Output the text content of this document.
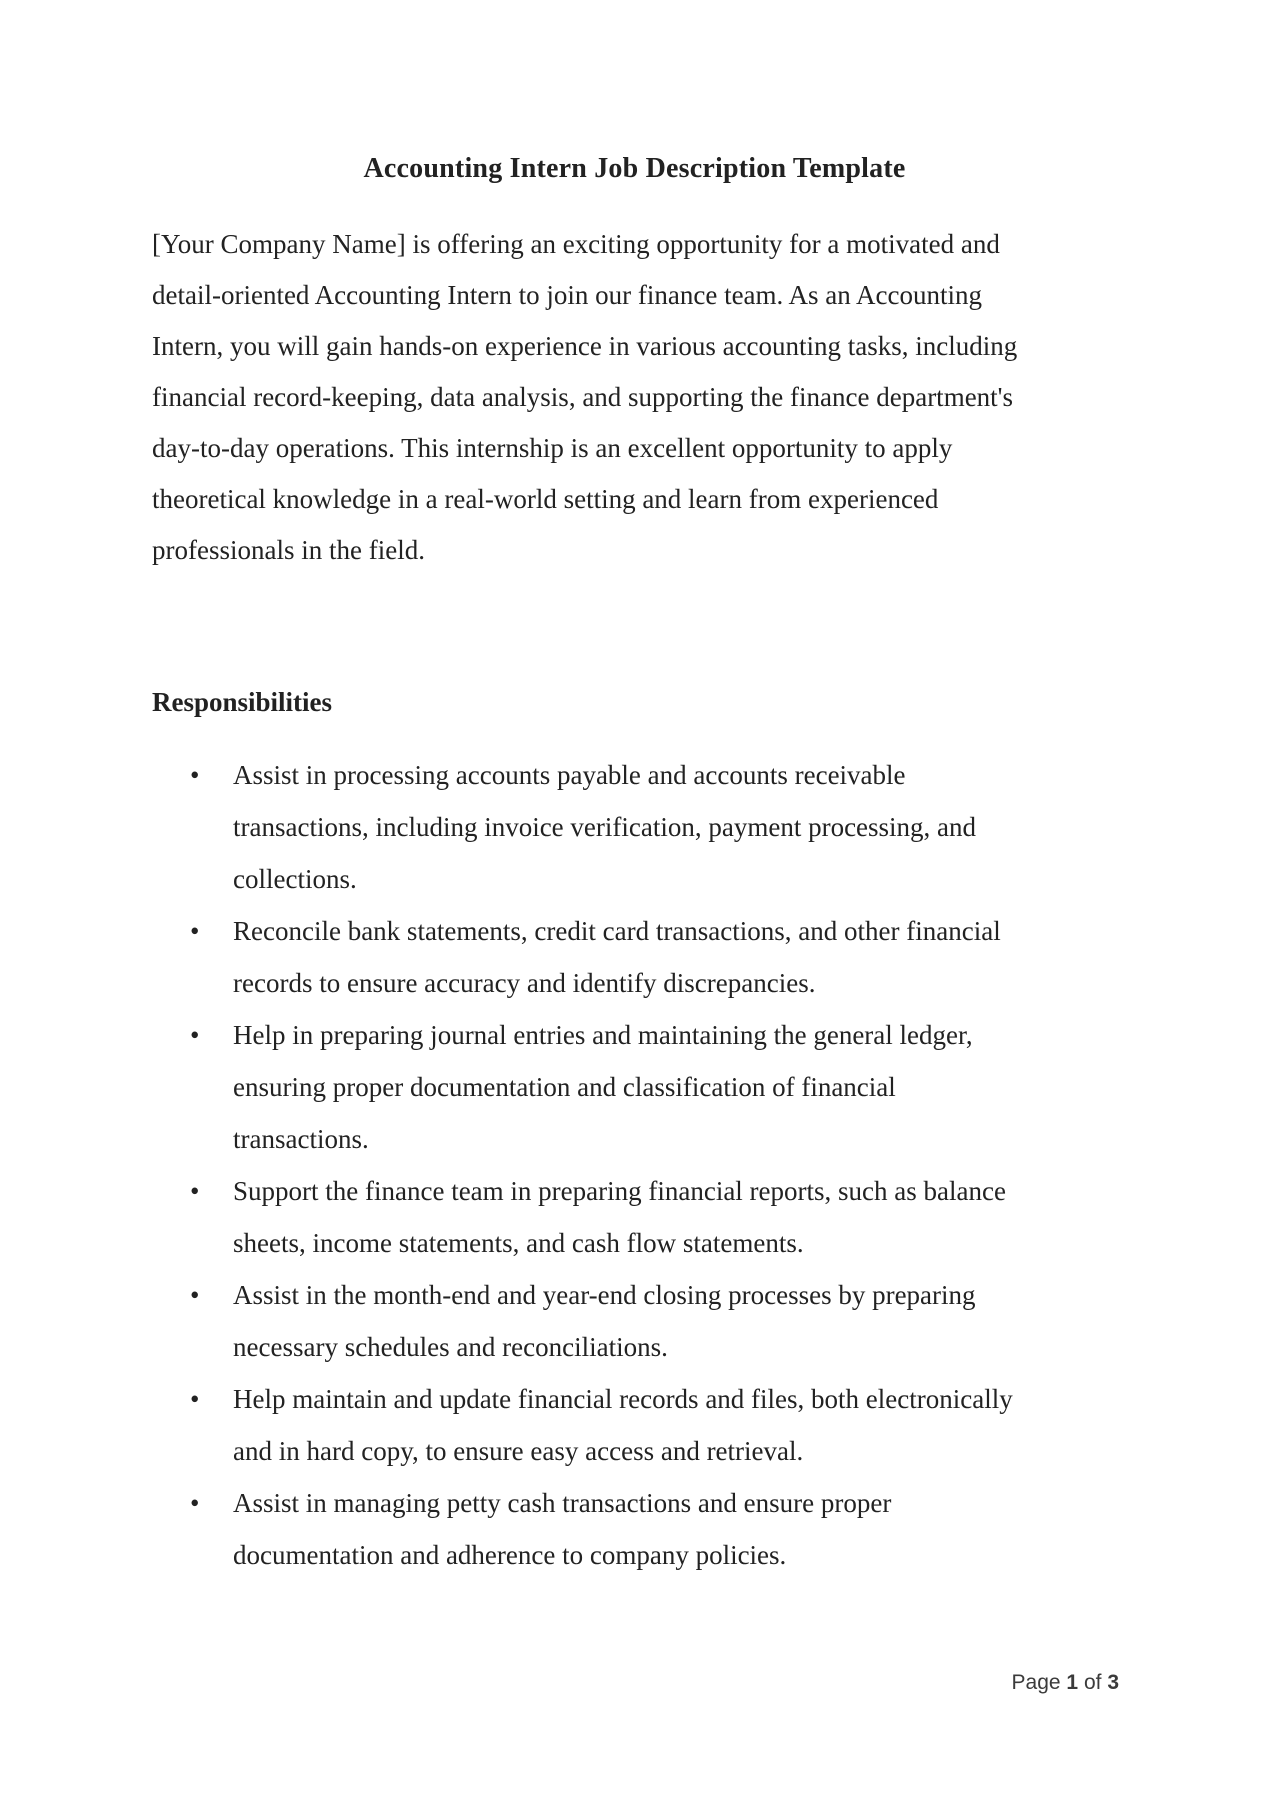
Accounting Intern Job Description Template
[Your Company Name] is offering an exciting opportunity for a motivated and
detail-oriented Accounting Intern to join our finance team. As an Accounting
Intern, you will gain hands-on experience in various accounting tasks, including
financial record-keeping, data analysis, and supporting the finance department's
day-to-day operations. This internship is an excellent opportunity to apply
theoretical knowledge in a real-world setting and learn from experienced
professionals in the field.
Responsibilities
• Assist in processing accounts payable and accounts receivable
transactions, including invoice verification, payment processing, and
collections.
• Reconcile bank statements, credit card transactions, and other financial
records to ensure accuracy and identify discrepancies.
• Help in preparing journal entries and maintaining the general ledger,
ensuring proper documentation and classification of financial
transactions.
• Support the finance team in preparing financial reports, such as balance
sheets, income statements, and cash flow statements.
• Assist in the month-end and year-end closing processes by preparing
necessary schedules and reconciliations.
• Help maintain and update financial records and files, both electronically
and in hard copy, to ensure easy access and retrieval.
• Assist in managing petty cash transactions and ensure proper
documentation and adherence to company policies.
Page 1 of 3
